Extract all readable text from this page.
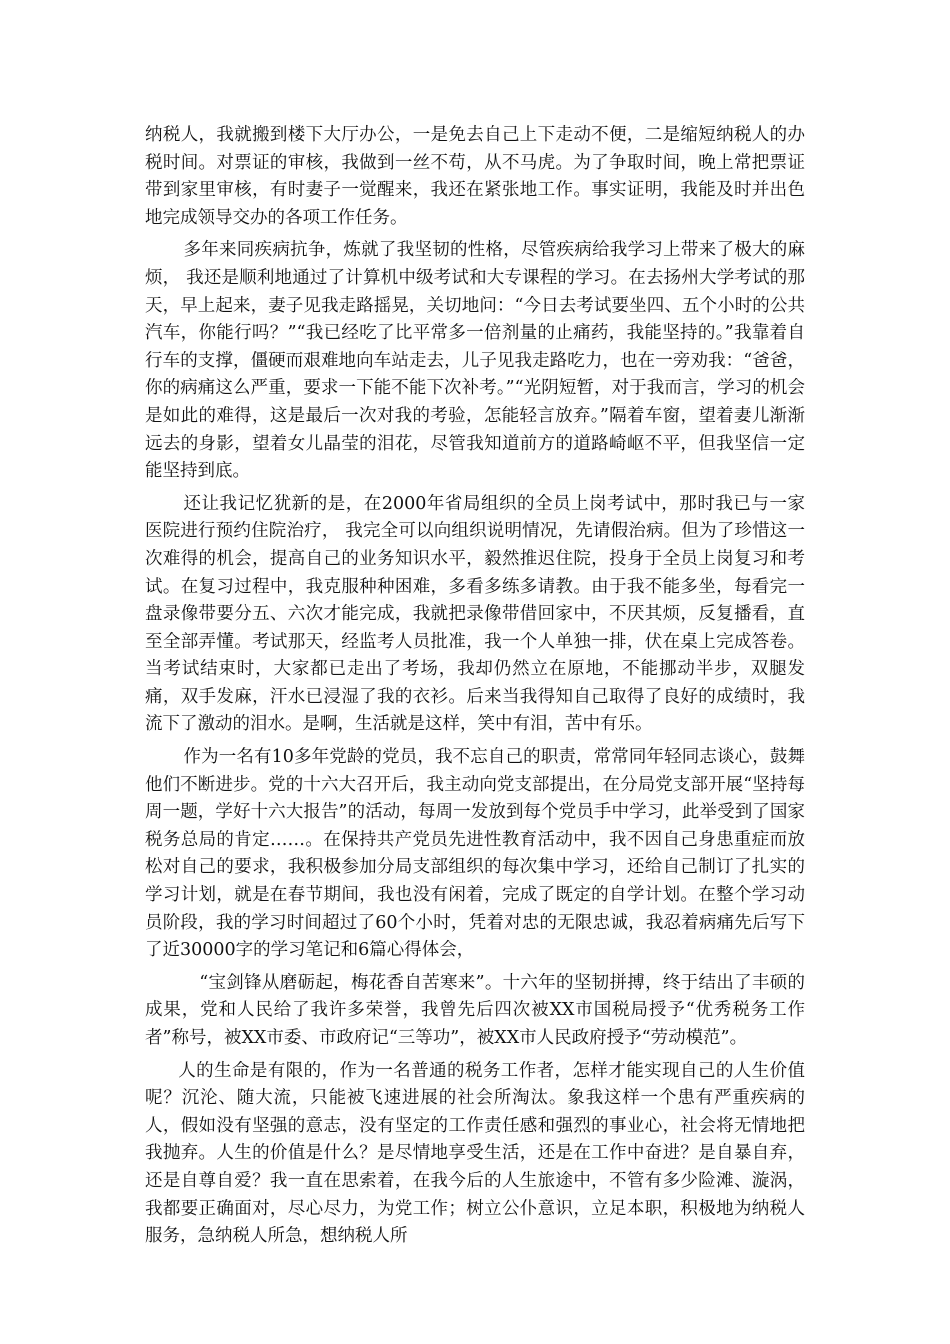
纳税人，我就搬到楼下大厅办公，一是免去自己上下走动不便，二是缩短纳税人的办税时间。对票证的审核，我做到一丝不苟，从不马虎。为了争取时间，晚上常把票证带到家里审核，有时妻子一觉醒来，我还在紧张地工作。事实证明，我能及时并出色地完成领导交办的各项工作任务。

多年来同疾病抗争，炼就了我坚韧的性格，尽管疾病给我学习上带来了极大的麻烦， 我还是顺利地通过了计算机中级考试和大专课程的学习。在去扬州大学考试的那天，早上起来，妻子见我走路摇晃，关切地问：“今日去考试要坐四、五个小时的公共汽车，你能行吗？”“我已经吃了比平常多一倍剂量的止痛药，我能坚持的。”我靠着自行车的支撑，僵硬而艰难地向车站走去，儿子见我走路吃力，也在一旁劝我：“爸爸，你的病痛这么严重，要求一下能不能下次补考。”“光阴短暂，对于我而言，学习的机会是如此的难得，这是最后一次对我的考验，怎能轻言放弃。”隔着车窗，望着妻儿渐渐远去的身影，望着女儿晶莹的泪花，尽管我知道前方的道路崎岖不平，但我坚信一定能坚持到底。

还让我记忆犹新的是，在2000年省局组织的全员上岗考试中，那时我已与一家医院进行预约住院治疗， 我完全可以向组织说明情况，先请假治病。但为了珍惜这一次难得的机会，提高自己的业务知识水平，毅然推迟住院，投身于全员上岗复习和考试。在复习过程中，我克服种种困难，多看多练多请教。由于我不能多坐，每看完一盘录像带要分五、六次才能完成，我就把录像带借回家中，不厌其烦，反复播看，直至全部弄懂。考试那天，经监考人员批准，我一个人单独一排，伏在桌上完成答卷。当考试结束时，大家都已走出了考场，我却仍然立在原地，不能挪动半步，双腿发痛，双手发麻，汗水已浸湿了我的衣衫。后来当我得知自己取得了良好的成绩时，我流下了激动的泪水。是啊，生活就是这样，笑中有泪，苦中有乐。

作为一名有10多年党龄的党员，我不忘自己的职责，常常同年轻同志谈心，鼓舞他们不断进步。党的十六大召开后，我主动向党支部提出，在分局党支部开展“坚持每周一题，学好十六大报告”的活动，每周一发放到每个党员手中学习，此举受到了国家税务总局的肯定……。在保持共产党员先进性教育活动中，我不因自己身患重症而放松对自己的要求，我积极参加分局支部组织的每次集中学习，还给自己制订了扎实的学习计划，就是在春节期间，我也没有闲着，完成了既定的自学计划。在整个学习动员阶段，我的学习时间超过了60个小时，凭着对忠的无限忠诚，我忍着病痛先后写下了近30000字的学习笔记和6篇心得体会，

“宝剑锋从磨砺起，梅花香自苦寒来”。十六年的坚韧拼搏，终于结出了丰硕的成果，党和人民给了我许多荣誉，我曾先后四次被XX市国税局授予“优秀税务工作者”称号，被XX市委、市政府记“三等功”，被XX市人民政府授予“劳动模范”。

人的生命是有限的，作为一名普通的税务工作者，怎样才能实现自己的人生价值呢？沉沦、随大流，只能被飞速进展的社会所淘汰。象我这样一个患有严重疾病的人，假如没有坚强的意志，没有坚定的工作责任感和强烈的事业心，社会将无情地把我抛弃。人生的价值是什么？是尽情地享受生活，还是在工作中奋进？是自暴自弃，还是自尊自爱？我一直在思索着，在我今后的人生旅途中，不管有多少险滩、漩涡，我都要正确面对，尽心尽力，为党工作；树立公仆意识，立足本职，积极地为纳税人服务，急纳税人所急，想纳税人所
